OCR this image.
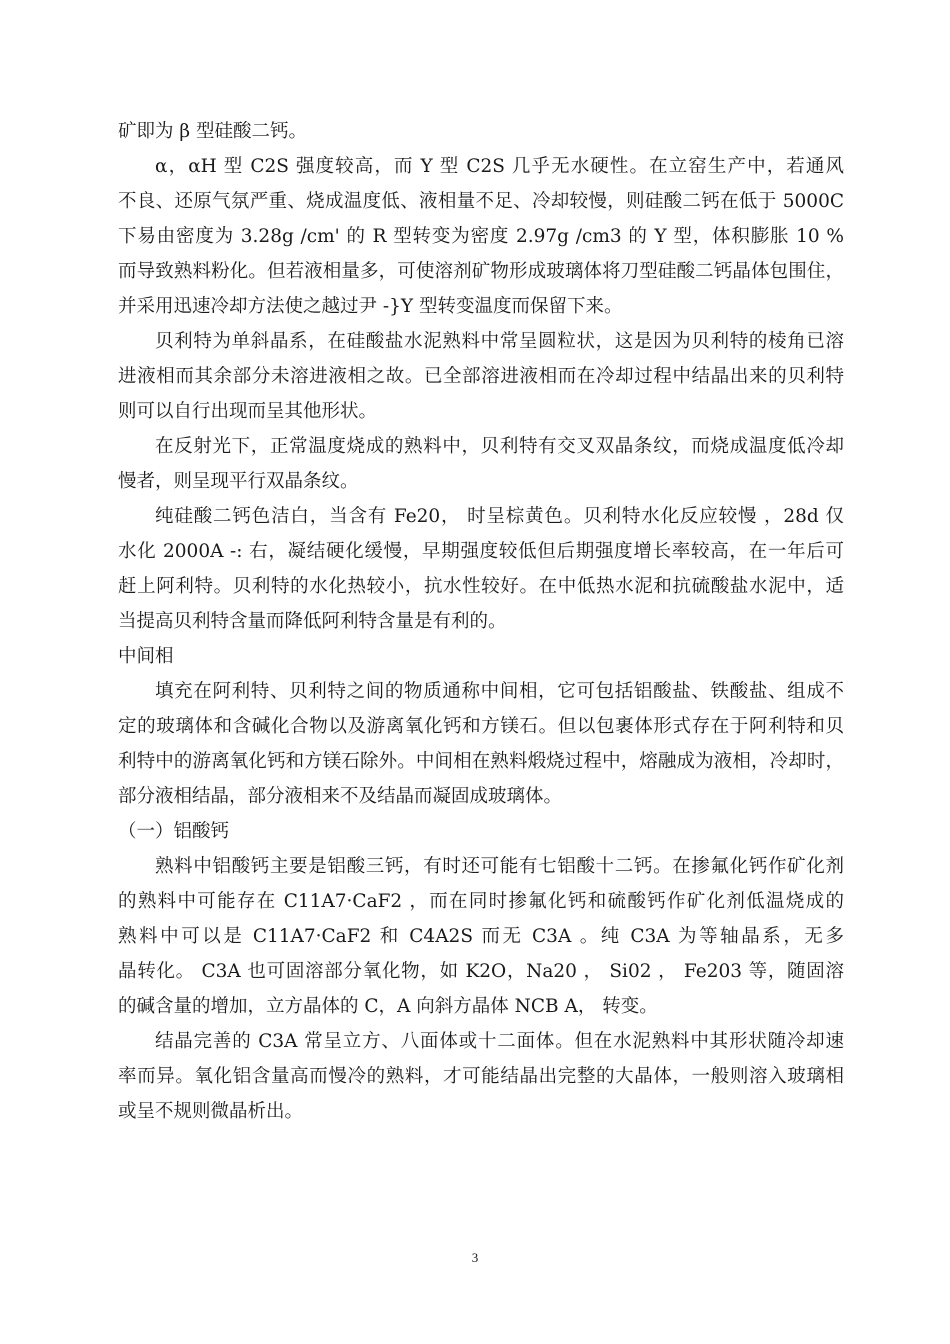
矿即为 β 型硅酸二钙。
α，αH 型 C2S 强度较高，而 Y 型 C2S 几乎无水硬性。在立窑生产中，若通风
不良、还原气氛严重、烧成温度低、液相量不足、冷却较慢，则硅酸二钙在低于 5000C
下易由密度为 3.28g /cm' 的 R 型转变为密度 2.97g /cm3 的 Y 型，体积膨胀 10 %
而导致熟料粉化。但若液相量多，可使溶剂矿物形成玻璃体将刀型硅酸二钙晶体包围住，
并采用迅速冷却方法使之越过尹 -}Y 型转变温度而保留下来。
贝利特为单斜晶系，在硅酸盐水泥熟料中常呈圆粒状，这是因为贝利特的棱角已溶
进液相而其余部分未溶进液相之故。已全部溶进液相而在冷却过程中结晶出来的贝利特
则可以自行出现而呈其他形状。
在反射光下，正常温度烧成的熟料中，贝利特有交叉双晶条纹，而烧成温度低冷却
慢者，则呈现平行双晶条纹。
纯硅酸二钙色洁白，当含有 Fe20， 时呈棕黄色。贝利特水化反应较慢 ，28d 仅
水化 2000A -: 右，凝结硬化缓慢，早期强度较低但后期强度增长率较高，在一年后可
赶上阿利特。贝利特的水化热较小，抗水性较好。在中低热水泥和抗硫酸盐水泥中，适
当提高贝利特含量而降低阿利特含量是有利的。
中间相
填充在阿利特、贝利特之间的物质通称中间相，它可包括铝酸盐、铁酸盐、组成不
定的玻璃体和含碱化合物以及游离氧化钙和方镁石。但以包裹体形式存在于阿利特和贝
利特中的游离氧化钙和方镁石除外。中间相在熟料煅烧过程中，熔融成为液相，冷却时，
部分液相结晶，部分液相来不及结晶而凝固成玻璃体。
（一）铝酸钙
熟料中铝酸钙主要是铝酸三钙，有时还可能有七铝酸十二钙。在掺氟化钙作矿化剂
的熟料中可能存在 C11A7·CaF2 ，而在同时掺氟化钙和硫酸钙作矿化剂低温烧成的
熟料中可以是 C11A7·CaF2 和 C4A2S 而无 C3A 。纯 C3A 为等轴晶系，无多
晶转化。 C3A 也可固溶部分氧化物，如 K2O，Na20 ， Si02 ， Fe203 等，随固溶
的碱含量的增加，立方晶体的 C，A 向斜方晶体 NCB A， 转变。
结晶完善的 C3A 常呈立方、八面体或十二面体。但在水泥熟料中其形状随冷却速
率而异。氧化铝含量高而慢冷的熟料，才可能结晶出完整的大晶体，一般则溶入玻璃相
或呈不规则微晶析出。
3
